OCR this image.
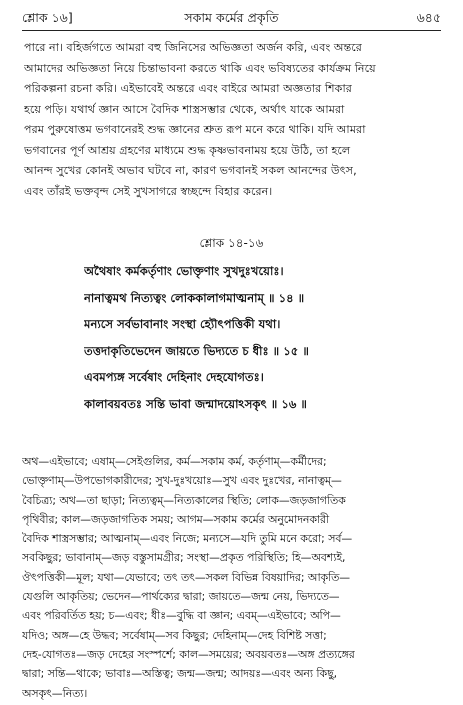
শ্লোক ১৬]	সকাম কর্মের প্রকৃতি	৬৪৫
পারে না। বহির্জগতে আমরা বহু জিনিসের অভিজ্ঞতা অর্জন করি, এবং অন্তরে
আমাদের অভিজ্ঞতা নিয়ে চিন্তাভাবনা করতে থাকি এবং ভবিষ্যতের কার্যক্রম নিয়ে
পরিকল্পনা রচনা করি। এইভাবেই অন্তরে এবং বাইরে আমরা অজ্ঞতার শিকার
হয়ে পড়ি। যথার্থ জ্ঞান আসে বৈদিক শাস্ত্রসম্ভার থেকে, অর্থাৎ যাকে আমরা
পরম পুরুষোত্তম ভগবানেরই শুদ্ধ জ্ঞানের শ্রুত রূপ মনে করে থাকি। যদি আমরা
ভগবানের পূর্ণ আশ্রয় গ্রহণের মাধ্যমে শুদ্ধ কৃষ্ণভাবনাময় হয়ে উঠি, তা হলে
আনন্দ সুখের কোনই অভাব ঘটবে না, কারণ ভগবানই সকল আনন্দের উৎস,
এবং তাঁরই ভক্তবৃন্দ সেই সুখসাগরে স্বচ্ছন্দে বিহার করেন।
শ্লোক ১৪-১৬
অথৈষাং কর্মকর্তৃণাং ভোক্তৃণাং সুখদুঃখয়োঃ।
নানাত্বমথ নিত্যত্বং লোককালাগমাত্মনাম্ ॥ ১৪ ॥
মন্যসে সর্বভাবানাং সংস্থা হ্যৌৎপত্তিকী যথা।
তত্তদাকৃতিভেদেন জায়তে ভিদ্যতে চ ধীঃ ॥ ১৫ ॥
এবমপ্যঙ্গ সর্বেষাং দেহিনাং দেহযোগতঃ।
কালাবয়বতঃ সন্তি ভাবা জন্মাদয়োঽসকৃৎ ॥ ১৬ ॥
অথ—এইভাবে; এষাম্—সেইগুলির, কর্ম—সকাম কর্ম, কর্তৃণাম্—কর্মীদের;
ভোক্তৃণাম্—উপভোগকারীদের; সুখ-দুঃখয়োঃ—সুখ এবং দুঃখের, নানাত্বম্—
বৈচিত্র্য; অথ—তা ছাড়া; নিত্যত্বম্—নিত্যকালের স্থিতি; লোক—জড়জাগতিক
পৃথিবীর; কাল—জড়জাগতিক সময়; আগম—সকাম কর্মের অনুমোদনকারী
বৈদিক শাস্ত্রসম্ভার; আত্মনাম্—এবং নিজে; মন্যসে—যদি তুমি মনে করো; সর্ব—
সবকিছুর; ভাবানাম্—জড় বস্তুসামগ্রীর; সংস্থা—প্রকৃত পরিস্থিতি; হি—অবশ্যই,
ঔৎপত্তিকী—মূল; যথা—যেভাবে; তৎ তৎ—সকল বিভিন্ন বিষয়াদির; আকৃতি—
যেগুলি আকৃতিয়; ভেদেন—পার্থক্যের দ্বারা; জায়তে—জন্ম নেয়, ভিদ্যতে—
এবং পরিবর্তিত হয়; চ—এবং; ধীঃ—বুদ্ধি বা জ্ঞান; এবম্—এইভাবে; অপি—
যদিও; অঙ্গ—হে উদ্ধব; সর্বেষাম্—সব কিছুর; দেহিনাম্—দেহ বিশিষ্ট সত্তা;
দেহ-যোগতঃ—জড় দেহের সংস্পর্শে; কাল—সময়ের; অবয়বতঃ—অঙ্গ প্রত্যঙ্গের
দ্বারা; সন্তি—থাকে; ভাবাঃ—অস্তিত্ব; জন্ম—জন্ম; আদয়ঃ—এবং অন্য কিছু,
অসকৃৎ—নিত্য।
